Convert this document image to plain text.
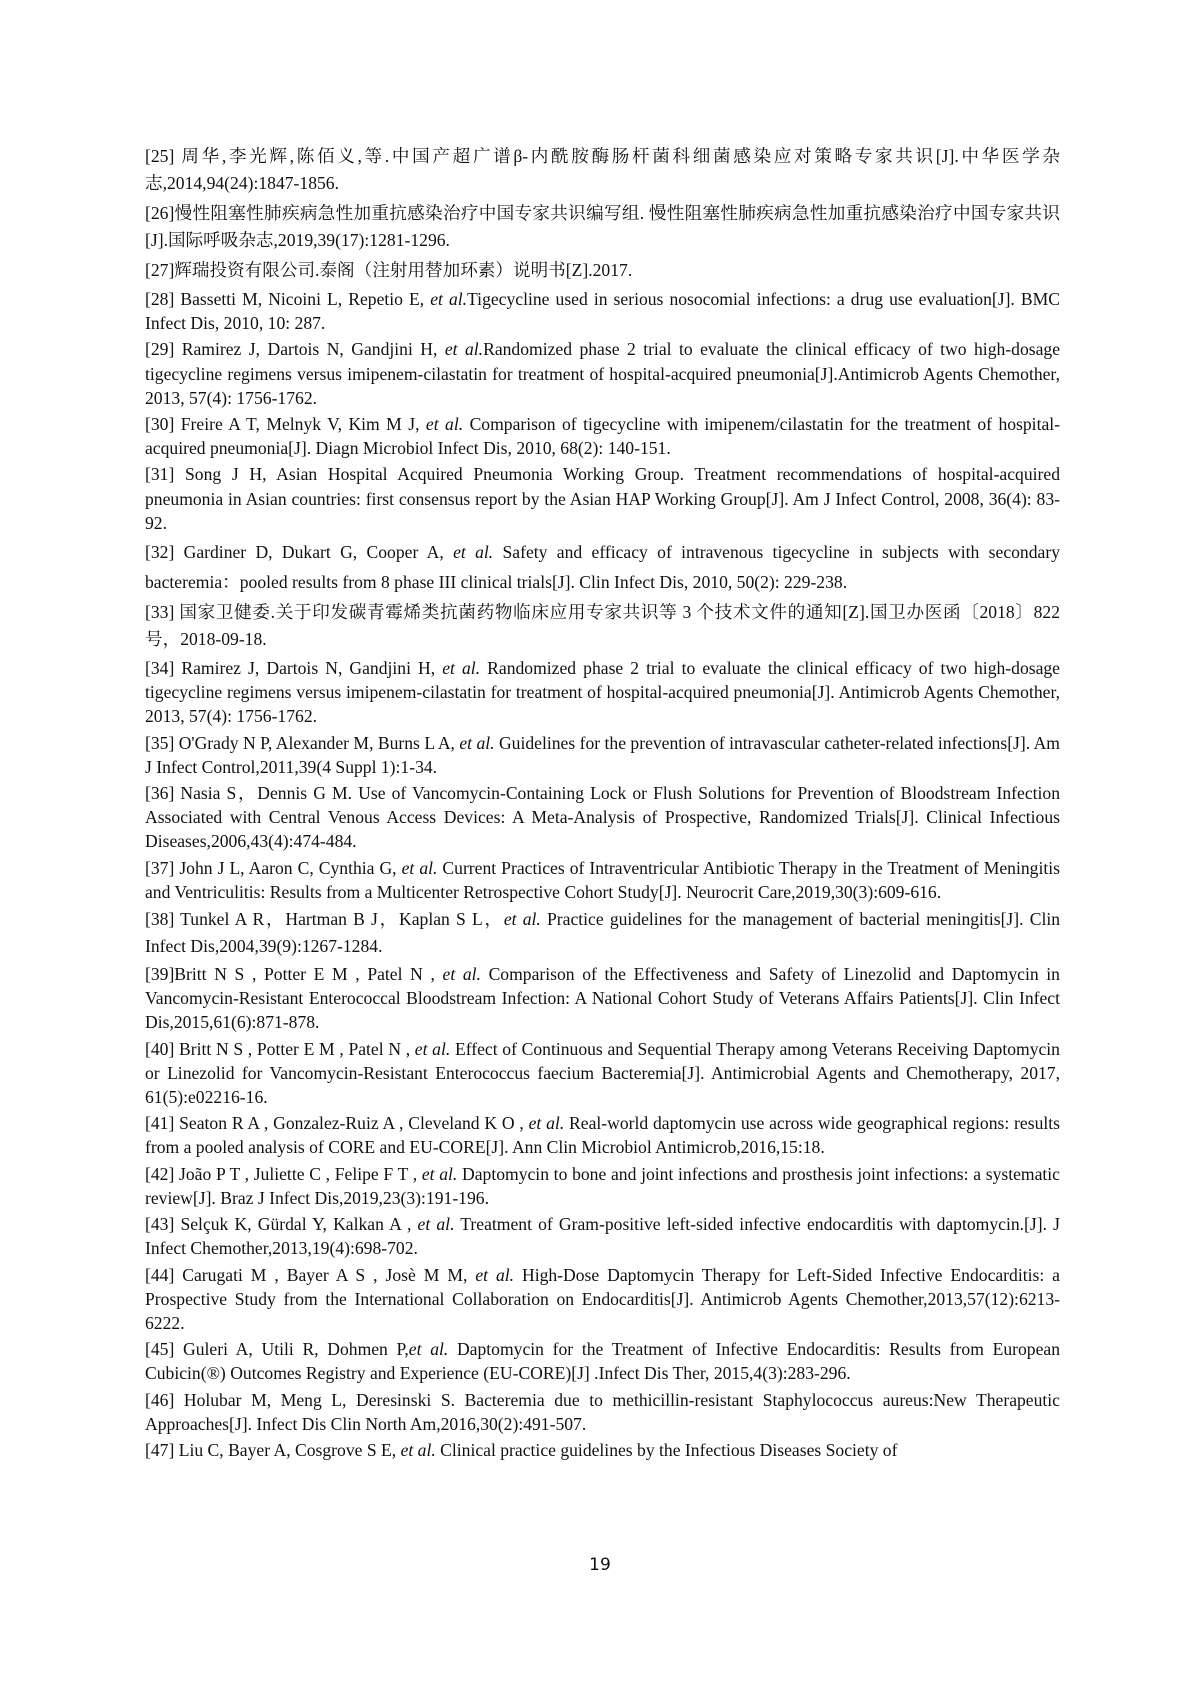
[25] 周华,李光辉,陈佰义,等.中国产超广谱β-内酰胺酶肠杆菌科细菌感染应对策略专家共识[J].中华医学杂志,2014,94(24):1847-1856.

[26]慢性阻塞性肺疾病急性加重抗感染治疗中国专家共识编写组. 慢性阻塞性肺疾病急性加重抗感染治疗中国专家共识[J].国际呼吸杂志,2019,39(17):1281-1296.

[27]辉瑞投资有限公司.泰阁（注射用替加环素）说明书[Z].2017.

[28] Bassetti M, Nicoini L, Repetio E, et al.Tigecycline used in serious nosocomial infections: a drug use evaluation[J]. BMC Infect Dis, 2010, 10: 287.

[29] Ramirez J, Dartois N, Gandjini H, et al.Randomized phase 2 trial to evaluate the clinical efficacy of two high-dosage tigecycline regimens versus imipenem-cilastatin for treatment of hospital-acquired pneumonia[J].Antimicrob Agents Chemother, 2013, 57(4): 1756-1762.

[30] Freire A T, Melnyk V, Kim M J, et al. Comparison of tigecycline with imipenem/cilastatin for the treatment of hospital-acquired pneumonia[J]. Diagn Microbiol Infect Dis, 2010, 68(2): 140-151.

[31] Song J H, Asian Hospital Acquired Pneumonia Working Group. Treatment recommendations of hospital-acquired pneumonia in Asian countries: first consensus report by the Asian HAP Working Group[J]. Am J Infect Control, 2008, 36(4): 83-92.

[32] Gardiner D, Dukart G, Cooper A, et al. Safety and efficacy of intravenous tigecycline in subjects with secondary bacteremia：pooled results from 8 phase III clinical trials[J]. Clin Infect Dis, 2010, 50(2): 229-238.

[33] 国家卫健委.关于印发碳青霉烯类抗菌药物临床应用专家共识等 3 个技术文件的通知[Z].国卫办医函〔2018〕822 号，2018-09-18.

[34] Ramirez J, Dartois N, Gandjini H, et al. Randomized phase 2 trial to evaluate the clinical efficacy of two high-dosage tigecycline regimens versus imipenem-cilastatin for treatment of hospital-acquired pneumonia[J]. Antimicrob Agents Chemother, 2013, 57(4): 1756-1762.

[35] O'Grady N P, Alexander M, Burns L A, et al. Guidelines for the prevention of intravascular catheter-related infections[J]. Am J Infect Control,2011,39(4 Suppl 1):1-34.

[36] Nasia S，Dennis G M. Use of Vancomycin-Containing Lock or Flush Solutions for Prevention of Bloodstream Infection Associated with Central Venous Access Devices: A Meta-Analysis of Prospective, Randomized Trials[J]. Clinical Infectious Diseases,2006,43(4):474-484.

[37] John J L, Aaron C, Cynthia G, et al. Current Practices of Intraventricular Antibiotic Therapy in the Treatment of Meningitis and Ventriculitis: Results from a Multicenter Retrospective Cohort Study[J]. Neurocrit Care,2019,30(3):609-616.

[38] Tunkel A R，Hartman B J，Kaplan S L，et al. Practice guidelines for the management of bacterial meningitis[J]. Clin Infect Dis,2004,39(9):1267-1284.

[39]Britt N S , Potter E M , Patel N , et al. Comparison of the Effectiveness and Safety of Linezolid and Daptomycin in Vancomycin-Resistant Enterococcal Bloodstream Infection: A National Cohort Study of Veterans Affairs Patients[J]. Clin Infect Dis,2015,61(6):871-878.

[40] Britt N S , Potter E M , Patel N , et al. Effect of Continuous and Sequential Therapy among Veterans Receiving Daptomycin or Linezolid for Vancomycin-Resistant Enterococcus faecium Bacteremia[J]. Antimicrobial Agents and Chemotherapy, 2017, 61(5):e02216-16.

[41] Seaton R A , Gonzalez-Ruiz A , Cleveland K O , et al. Real-world daptomycin use across wide geographical regions: results from a pooled analysis of CORE and EU-CORE[J]. Ann Clin Microbiol Antimicrob,2016,15:18.

[42] João P T , Juliette C , Felipe F T , et al. Daptomycin to bone and joint infections and prosthesis joint infections: a systematic review[J]. Braz J Infect Dis,2019,23(3):191-196.

[43] Selçuk K, Gürdal Y, Kalkan A , et al. Treatment of Gram-positive left-sided infective endocarditis with daptomycin.[J]. J Infect Chemother,2013,19(4):698-702.

[44] Carugati M , Bayer A S , Josè M M, et al. High-Dose Daptomycin Therapy for Left-Sided Infective Endocarditis: a Prospective Study from the International Collaboration on Endocarditis[J]. Antimicrob Agents Chemother,2013,57(12):6213-6222.

[45] Guleri A, Utili R, Dohmen P,et al. Daptomycin for the Treatment of Infective Endocarditis: Results from European Cubicin(®) Outcomes Registry and Experience (EU-CORE)[J] .Infect Dis Ther, 2015,4(3):283-296.

[46] Holubar M, Meng L, Deresinski S. Bacteremia due to methicillin-resistant Staphylococcus aureus:New Therapeutic Approaches[J]. Infect Dis Clin North Am,2016,30(2):491-507.

[47] Liu C, Bayer A, Cosgrove S E, et al. Clinical practice guidelines by the Infectious Diseases Society of

19
